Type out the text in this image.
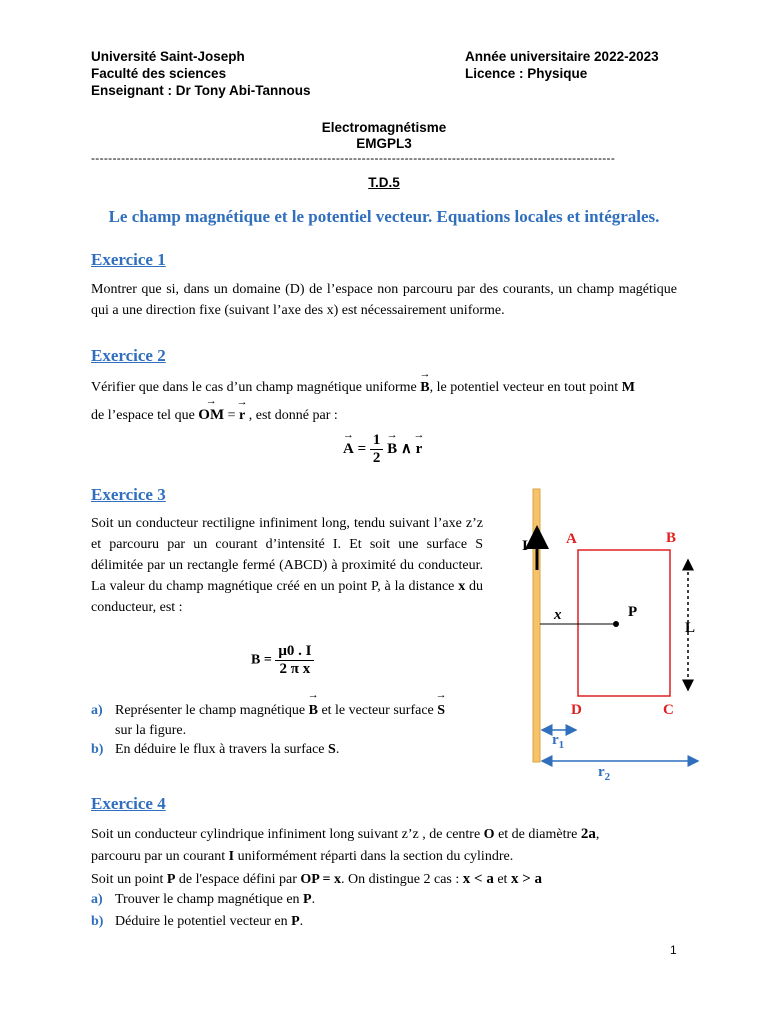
Université Saint-Joseph
Faculté des sciences
Enseignant : Dr Tony Abi-Tannous
Année universitaire 2022-2023
Licence : Physique
Electromagnétisme
EMGPL3
--------------------------------------------------------------------------------------------------------------------------
T.D.5
Le champ magnétique et le potentiel vecteur. Equations locales et intégrales.
Exercice 1
Montrer que si, dans un domaine (D) de l’espace non parcouru par des courants, un champ magétique qui a une direction fixe (suivant l’axe des x) est nécessairement uniforme.
Exercice 2
Vérifier que dans le cas d’un champ magnétique uniforme → B, le potentiel vecteur en tout point M
de l’espace tel que → OM = → r , est donné par :
→ $A = \frac{1}{2} \to B$ ∧ → r
Exercice 3
Soit un conducteur rectiligne infiniment long, tendu suivant l’axe z’z et parcouru par un courant d’intensité I. Et soit une surface S délimitée par un rectangle fermé (ABCD) à proximité du conducteur. La valeur du champ magnétique créé en un point P, à la distance x du conducteur, est :
$B = \frac{\mu 0 . I}{\text{2 π x}}$
a) Représenter le champ magnétique → B et le vecteur surface → S
sur la figure.
b) En déduire le flux à travers la surface S.
I	A	B
C
D
x	P
L
$r_1$
$r_2$
Exercice 4
Soit un conducteur cylindrique infiniment long suivant z’z , de centre O et de diamètre 2a,
parcouru par un courant I uniformément réparti dans la section du cylindre.
Soit un point P de l'espace défini par OP = x. On distingue 2 cas : x < a et x > a
a) Trouver le champ magnétique en P.
b) Déduire le potentiel vecteur en P.
1
